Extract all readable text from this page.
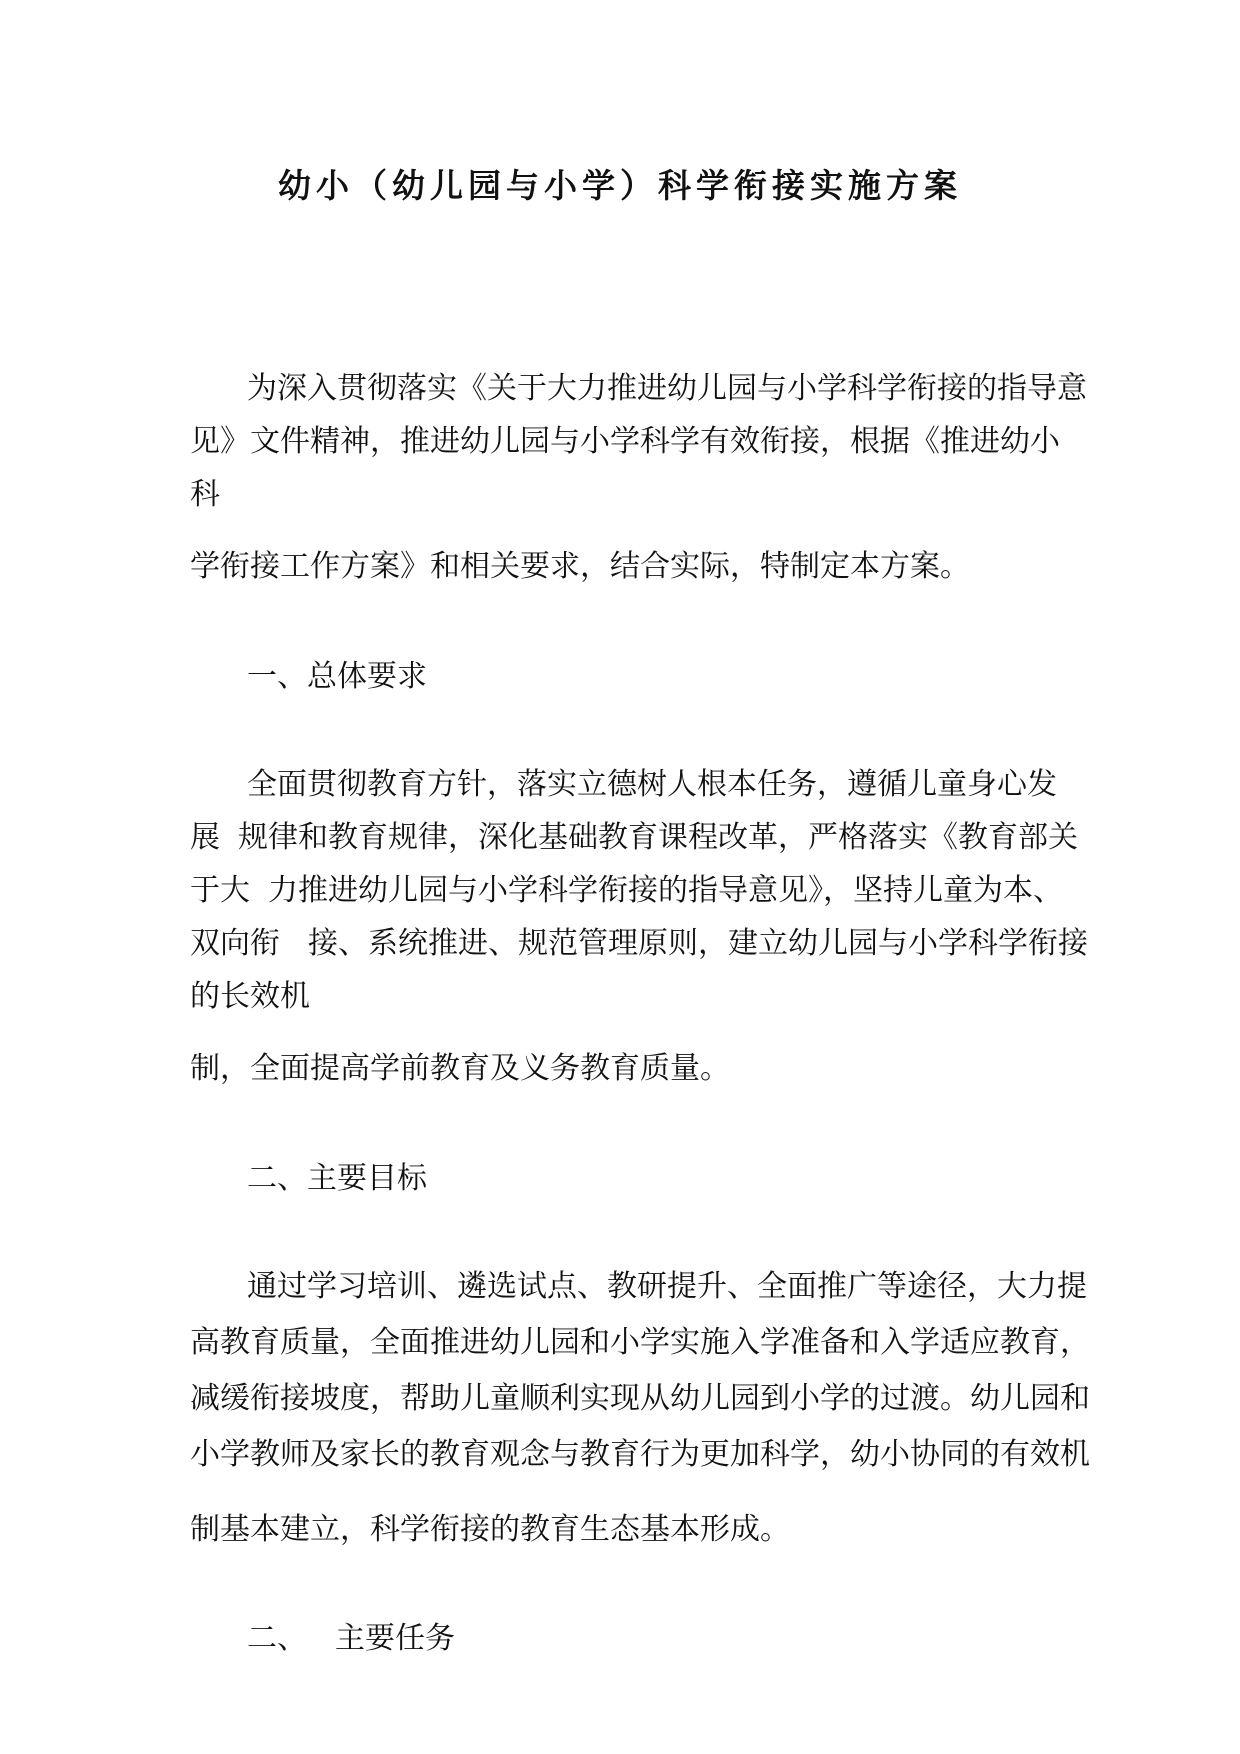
幼小（幼儿园与小学）科学衔接实施方案
为深入贯彻落实《关于大力推进幼儿园与小学科学衔接的指导意
见》文件精神，推进幼儿园与小学科学有效衔接，根据《推进幼小
科
学衔接工作方案》和相关要求，结合实际，特制定本方案。
一、总体要求
全面贯彻教育方针，落实立德树人根本任务，遵循儿童身心发
展 规律和教育规律，深化基础教育课程改革，严格落实《教育部关
于大 力推进幼儿园与小学科学衔接的指导意见》，坚持儿童为本、
双向衔 接、系统推进、规范管理原则，建立幼儿园与小学科学衔接
的长效机
制，全面提高学前教育及义务教育质量。
二、主要目标
通过学习培训、遴选试点、教研提升、全面推广等途径，大力提
高教育质量，全面推进幼儿园和小学实施入学准备和入学适应教育，
减缓衔接坡度，帮助儿童顺利实现从幼儿园到小学的过渡。幼儿园和
小学教师及家长的教育观念与教育行为更加科学，幼小协同的有效机
制基本建立，科学衔接的教育生态基本形成。
二、 主要任务
